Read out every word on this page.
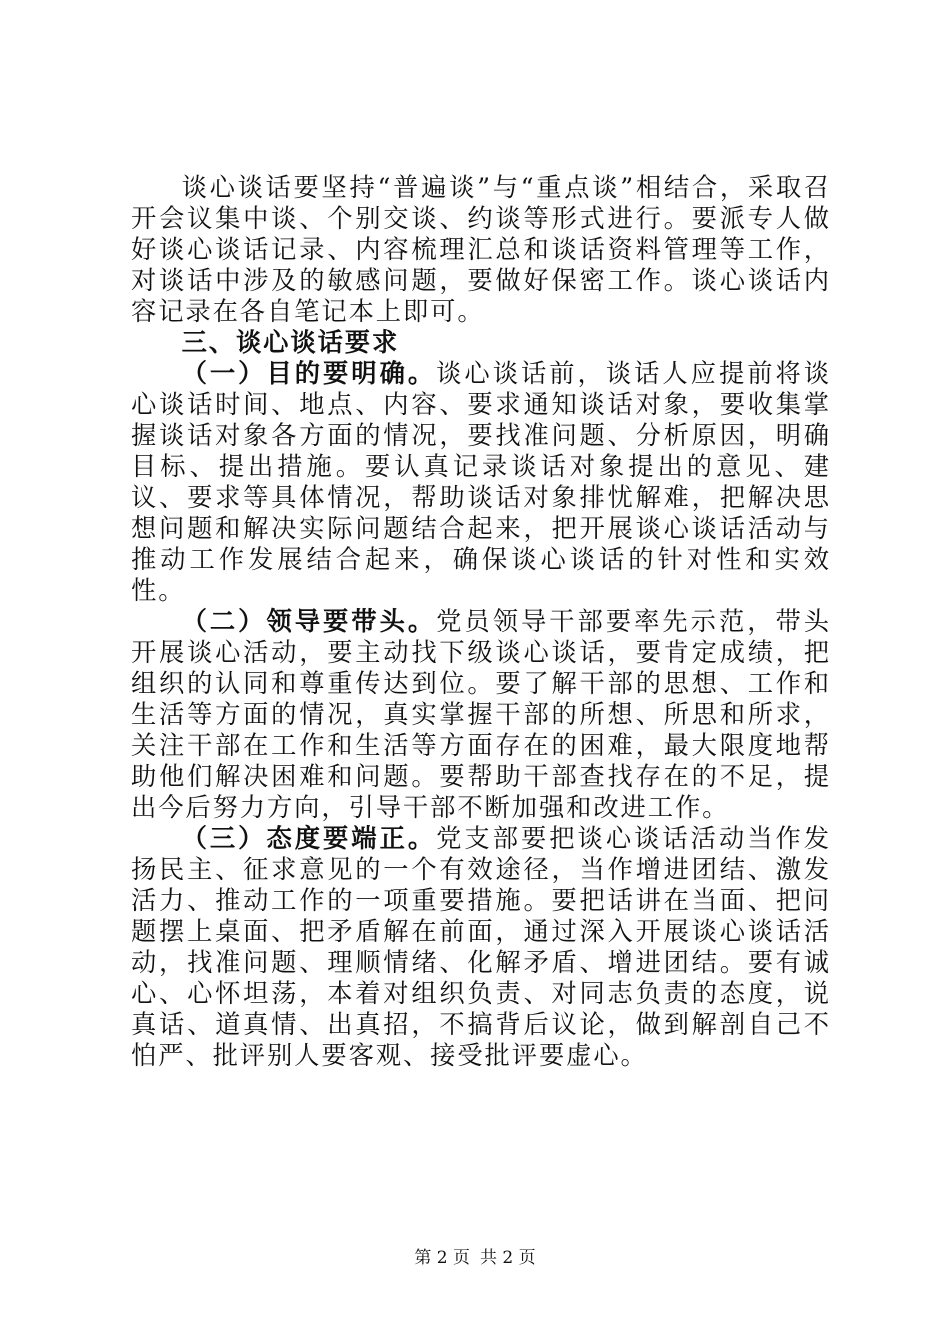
谈心谈话要坚持“普遍谈”与“重点谈”相结合，采取召开会议集中谈、个别交谈、约谈等形式进行。要派专人做好谈心谈话记录、内容梳理汇总和谈话资料管理等工作，对谈话中涉及的敏感问题，要做好保密工作。谈心谈话内容记录在各自笔记本上即可。

三、谈心谈话要求

（一）目的要明确。谈心谈话前，谈话人应提前将谈心谈话时间、地点、内容、要求通知谈话对象，要收集掌握谈话对象各方面的情况，要找准问题、分析原因，明确目标、提出措施。要认真记录谈话对象提出的意见、建议、要求等具体情况，帮助谈话对象排忧解难，把解决思想问题和解决实际问题结合起来，把开展谈心谈话活动与推动工作发展结合起来，确保谈心谈话的针对性和实效性。

（二）领导要带头。党员领导干部要率先示范，带头开展谈心活动，要主动找下级谈心谈话，要肯定成绩，把组织的认同和尊重传达到位。要了解干部的思想、工作和生活等方面的情况，真实掌握干部的所想、所思和所求，关注干部在工作和生活等方面存在的困难，最大限度地帮助他们解决困难和问题。要帮助干部查找存在的不足，提出今后努力方向，引导干部不断加强和改进工作。

（三）态度要端正。党支部要把谈心谈话活动当作发扬民主、征求意见的一个有效途径，当作增进团结、激发活力、推动工作的一项重要措施。要把话讲在当面、把问题摆上桌面、把矛盾解在前面，通过深入开展谈心谈话活动，找准问题、理顺情绪、化解矛盾、增进团结。要有诚心、心怀坦荡，本着对组织负责、对同志负责的态度，说真话、道真情、出真招，不搞背后议论，做到解剖自己不怕严、批评别人要客观、接受批评要虚心。

第 2 页 共 2 页
